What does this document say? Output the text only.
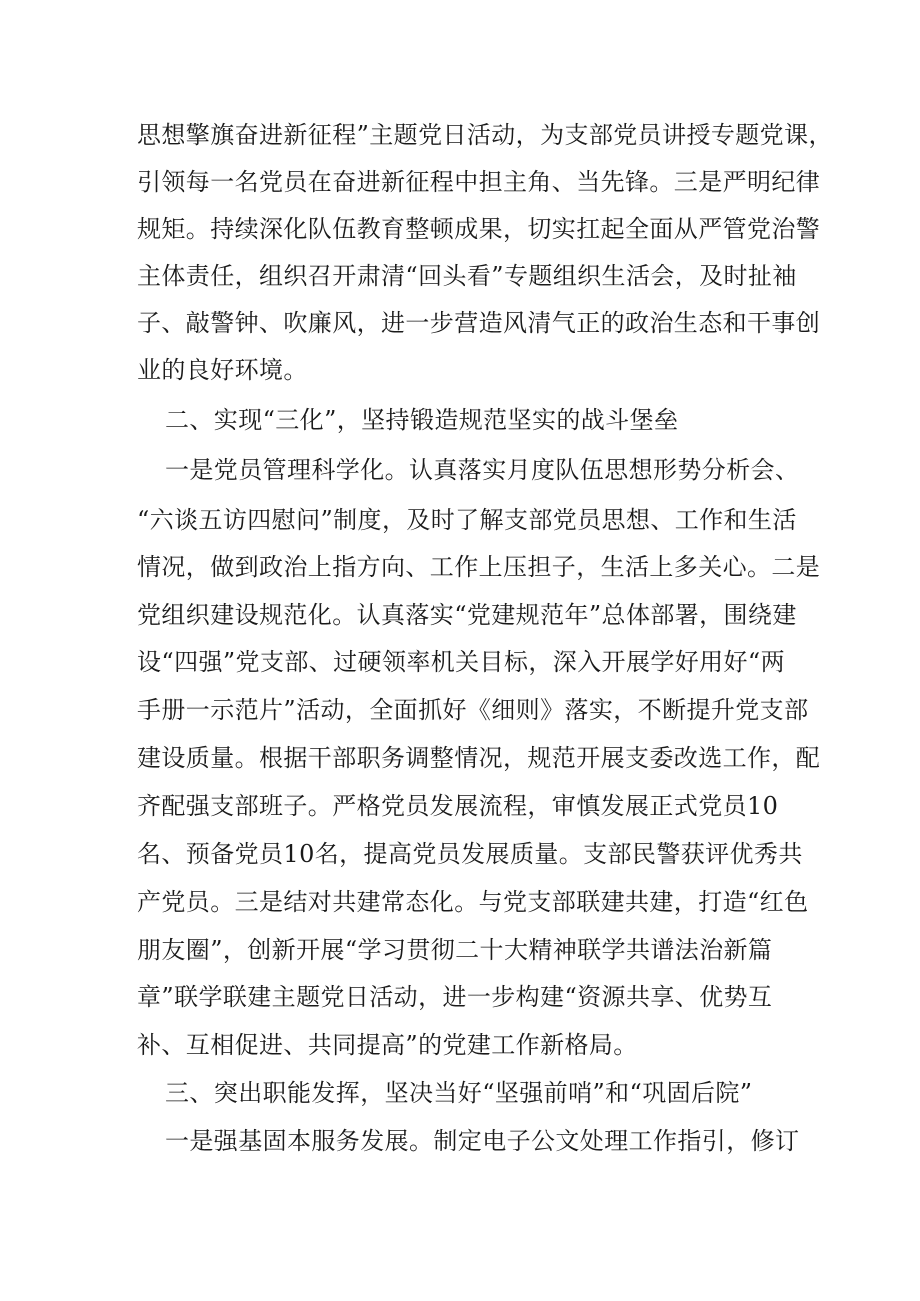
思想擎旗奋进新征程”主题党日活动，为支部党员讲授专题党课，
引领每一名党员在奋进新征程中担主角、当先锋。三是严明纪律
规矩。持续深化队伍教育整顿成果，切实扛起全面从严管党治警
主体责任，组织召开肃清“回头看”专题组织生活会，及时扯袖
子、敲警钟、吹廉风，进一步营造风清气正的政治生态和干事创
业的良好环境。
二、实现“三化”，坚持锻造规范坚实的战斗堡垒
一是党员管理科学化。认真落实月度队伍思想形势分析会、
“六谈五访四慰问”制度，及时了解支部党员思想、工作和生活
情况，做到政治上指方向、工作上压担子，生活上多关心。二是
党组织建设规范化。认真落实“党建规范年”总体部署，围绕建
设“四强”党支部、过硬领率机关目标，深入开展学好用好“两
手册一示范片”活动，全面抓好《细则》落实，不断提升党支部
建设质量。根据干部职务调整情况，规范开展支委改选工作，配
齐配强支部班子。严格党员发展流程，审慎发展正式党员10
名、预备党员10名，提高党员发展质量。支部民警获评优秀共
产党员。三是结对共建常态化。与党支部联建共建，打造“红色
朋友圈”，创新开展“学习贯彻二十大精神联学共谱法治新篇
章”联学联建主题党日活动，进一步构建“资源共享、优势互
补、互相促进、共同提高”的党建工作新格局。
三、突出职能发挥，坚决当好“坚强前哨”和“巩固后院”
一是强基固本服务发展。制定电子公文处理工作指引，修订
